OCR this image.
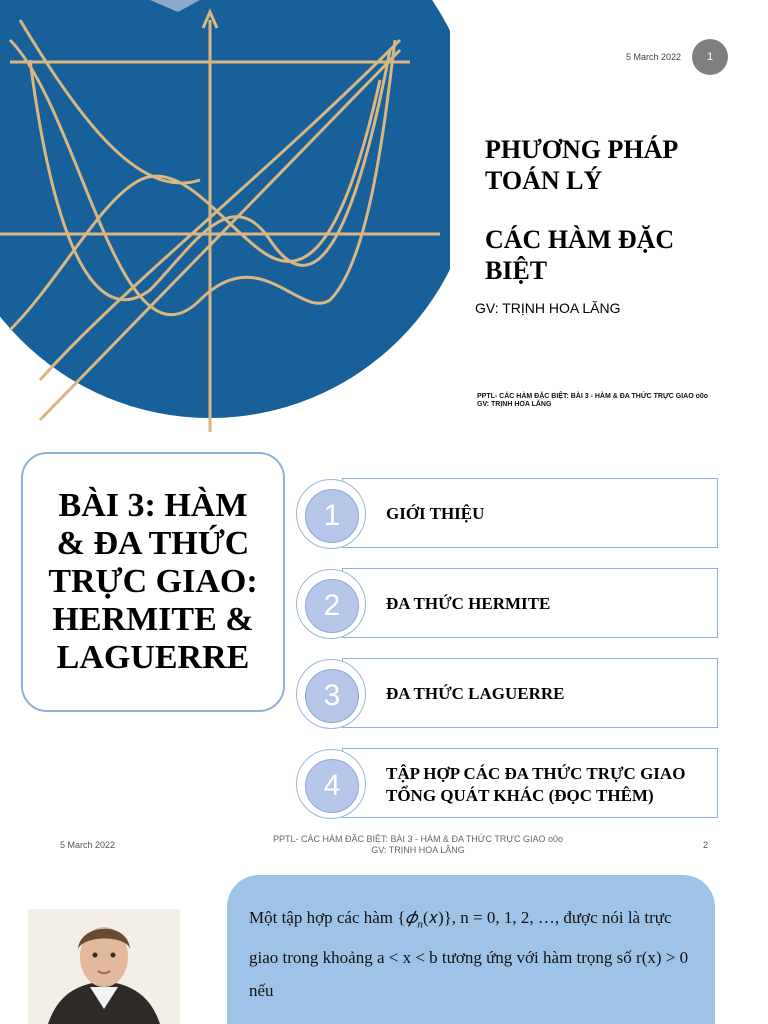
5 March 2022	1
PHƯƠNG PHÁP
TOÁN LÝ
CÁC HÀM ĐẶC
BIỆT
GV: TRỊNH HOA LĂNG
PPTL- CÁC HÀM ĐẶC BIỆT: BÀI 3 - HÀM & ĐA THỨC TRỰC GIAO o0o
GV: TRỊNH HOA LĂNG
BÀI 3: HÀM
& ĐA THỨC
TRỰC GIAO:
HERMITE &
LAGUERRE
1	GIỚI THIỆU
2	ĐA THỨC HERMITE
3	ĐA THỨC LAGUERRE
4	TẬP HỢP CÁC ĐA THỨC TRỰC GIAO
TỔNG QUÁT KHÁC (ĐỌC THÊM)
5 March 2022
PPTL- CÁC HÀM ĐẶC BIỆT: BÀI 3 - HÀM & ĐA THỨC TRỰC GIAO o0o
GV: TRỊNH HOA LĂNG	2
Một tập hợp các hàm {𝜙$_n$(𝑥)}, n = 0, 1, 2, …, được nói là trực giao trong khoảng a < x < b tương ứng với hàm trọng số r(x) > 0 nếu
